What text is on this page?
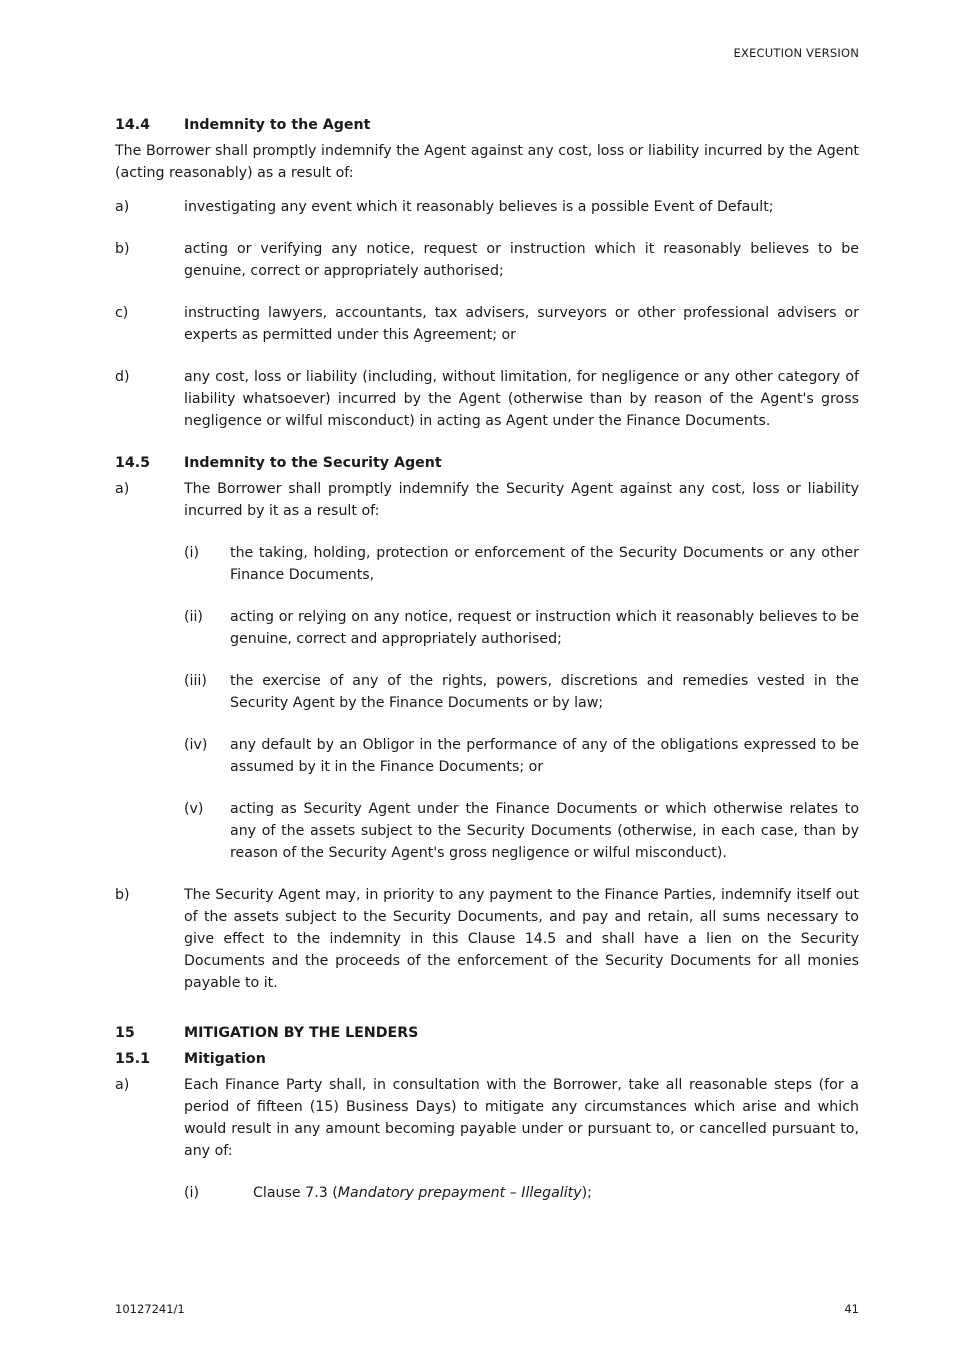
EXECUTION VERSION
14.4	Indemnity to the Agent

The Borrower shall promptly indemnify the Agent against any cost, loss or liability incurred by the Agent (acting reasonably) as a result of:

a)	investigating any event which it reasonably believes is a possible Event of Default;
b)	acting or verifying any notice, request or instruction which it reasonably believes to be genuine, correct or appropriately authorised;
c)	instructing lawyers, accountants, tax advisers, surveyors or other professional advisers or experts as permitted under this Agreement; or
d)	any cost, loss or liability (including, without limitation, for negligence or any other category of liability whatsoever) incurred by the Agent (otherwise than by reason of the Agent's gross negligence or wilful misconduct) in acting as Agent under the Finance Documents.
14.5	Indemnity to the Security Agent
a)	The Borrower shall promptly indemnify the Security Agent against any cost, loss or liability incurred by it as a result of:
(i)	the taking, holding, protection or enforcement of the Security Documents or any other Finance Documents,
(ii)	acting or relying on any notice, request or instruction which it reasonably believes to be genuine, correct and appropriately authorised;
(iii)	the exercise of any of the rights, powers, discretions and remedies vested in the Security Agent by the Finance Documents or by law;
(iv)	any default by an Obligor in the performance of any of the obligations expressed to be assumed by it in the Finance Documents; or
(v)	acting as Security Agent under the Finance Documents or which otherwise relates to any of the assets subject to the Security Documents (otherwise, in each case, than by reason of the Security Agent's gross negligence or wilful misconduct).
b)	The Security Agent may, in priority to any payment to the Finance Parties, indemnify itself out of the assets subject to the Security Documents, and pay and retain, all sums necessary to give effect to the indemnity in this Clause 14.5 and shall have a lien on the Security Documents and the proceeds of the enforcement of the Security Documents for all monies payable to it.
15	MITIGATION BY THE LENDERS
15.1	Mitigation
a)	Each Finance Party shall, in consultation with the Borrower, take all reasonable steps (for a period of fifteen (15) Business Days) to mitigate any circumstances which arise and which would result in any amount becoming payable under or pursuant to, or cancelled pursuant to, any of:
(i)	Clause 7.3 (Mandatory prepayment – Illegality);
10127241/1	41
